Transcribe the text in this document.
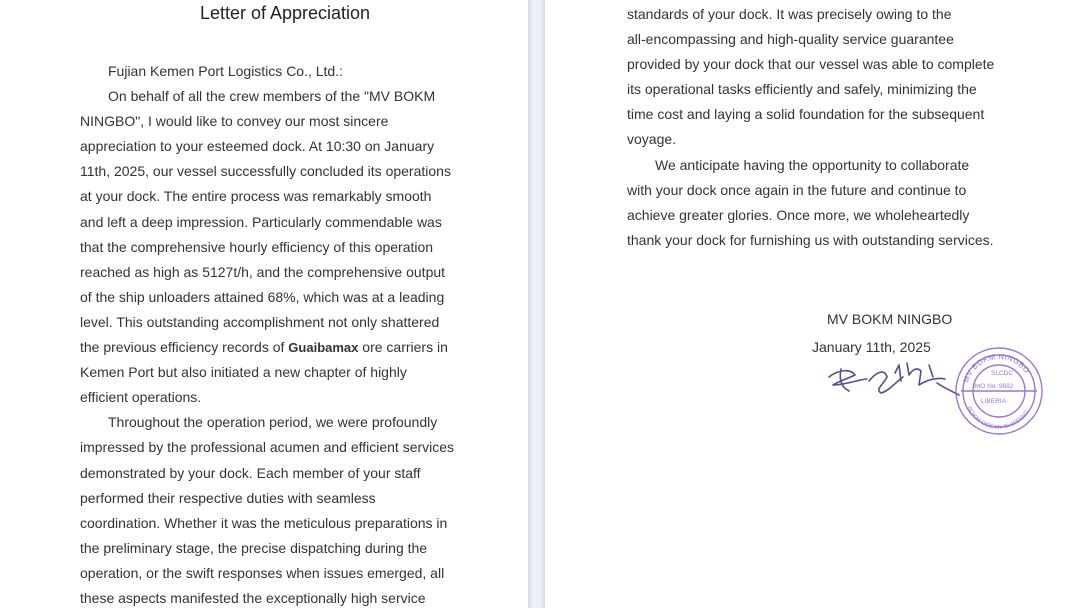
Letter of Appreciation
Fujian Kemen Port Logistics Co., Ltd.:
On behalf of all the crew members of the "MV BOKM
NINGBO", I would like to convey our most sincere
appreciation to your esteemed dock. At 10:30 on January
11th, 2025, our vessel successfully concluded its operations
at your dock. The entire process was remarkably smooth
and left a deep impression. Particularly commendable was
that the comprehensive hourly efficiency of this operation
reached as high as 5127t/h, and the comprehensive output
of the ship unloaders attained 68%, which was at a leading
level. This outstanding accomplishment not only shattered
the previous efficiency records of Guaibamax ore carriers in
Kemen Port but also initiated a new chapter of highly
efficient operations.
Throughout the operation period, we were profoundly
impressed by the professional acumen and efficient services
demonstrated by your dock. Each member of your staff
performed their respective duties with seamless
coordination. Whether it was the meticulous preparations in
the preliminary stage, the precise dispatching during the
operation, or the swift responses when issues emerged, all
these aspects manifested the exceptionally high service
standards of your dock. It was precisely owing to the
all-encompassing and high-quality service guarantee
provided by your dock that our vessel was able to complete
its operational tasks efficiently and safely, minimizing the
time cost and laying a solid foundation for the subsequent
voyage.
We anticipate having the opportunity to collaborate
with your dock once again in the future and continue to
achieve greater glories. Once more, we wholeheartedly
thank your dock for furnishing us with outstanding services.
MV BOKM NINGBO
January 11th, 2025
MV BOKM NINGBO
SLCDC
IMO No. 9692
LIBERIA
BOKM OCEAN SHIPPING
